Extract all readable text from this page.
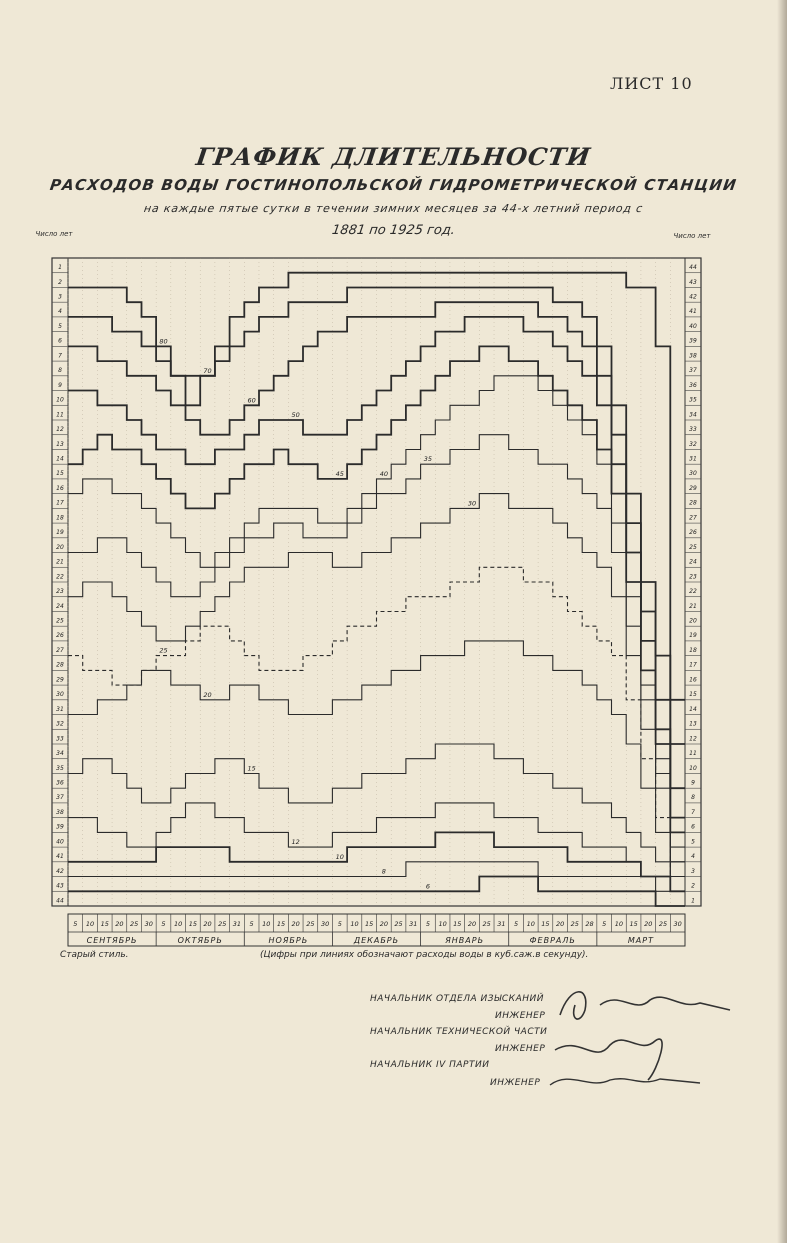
ЛИСТ 10
ГРАФИК ДЛИТЕЛЬНОСТИ
РАСХОДОВ ВОДЫ ГОСТИНОПОЛЬСКОЙ ГИДРОМЕТРИЧЕСКОЙ СТАНЦИИ
на каждые пятые сутки в течении зимних месяцев за 44-х летний период с
1881 по 1925 год.
Число лет	Число лет
1	44
2	43
3	42
4	41
5	40
6	39
7	38
8	37
9	36
10	35
11	34
12	33
13	32
14	31
15	30
16	29
17	28
18	27
19	26
20	25
21	24
22	23
23	22
24	21
25	20
26	19
27	18
28	17
29	16
30	15
31	14
32	13
33	12
34	11
35	10
36	9
37	8
38	7
39	6
40	5
41	4
42	3
43	2
44	1
5 10 15 20 25 30
СЕНТЯБРЬ
5 10 15 20 25 31
ОКТЯБРЬ
5 10 15 20 25 30
НОЯБРЬ
5 10 15 20 25 31
ДЕКАБРЬ
5 10 15 20 25 31
ЯНВАРЬ
5 10 15 20 25 28
ФЕВРАЛЬ
5 10 15 20 25 30
МАРТ
80
70
60
50
45	40
35
30
25
20
15
12
10
8
6
Старый стиль.	(Цифры при линиях обозначают расходы воды в куб.саж.в секунду).
НАЧАЛЬНИК ОТДЕЛА ИЗЫСКАНИЙ
ИНЖЕНЕР
НАЧАЛЬНИК ТЕХНИЧЕСКОЙ ЧАСТИ
ИНЖЕНЕР
НАЧАЛЬНИК IV ПАРТИИ
ИНЖЕНЕР
